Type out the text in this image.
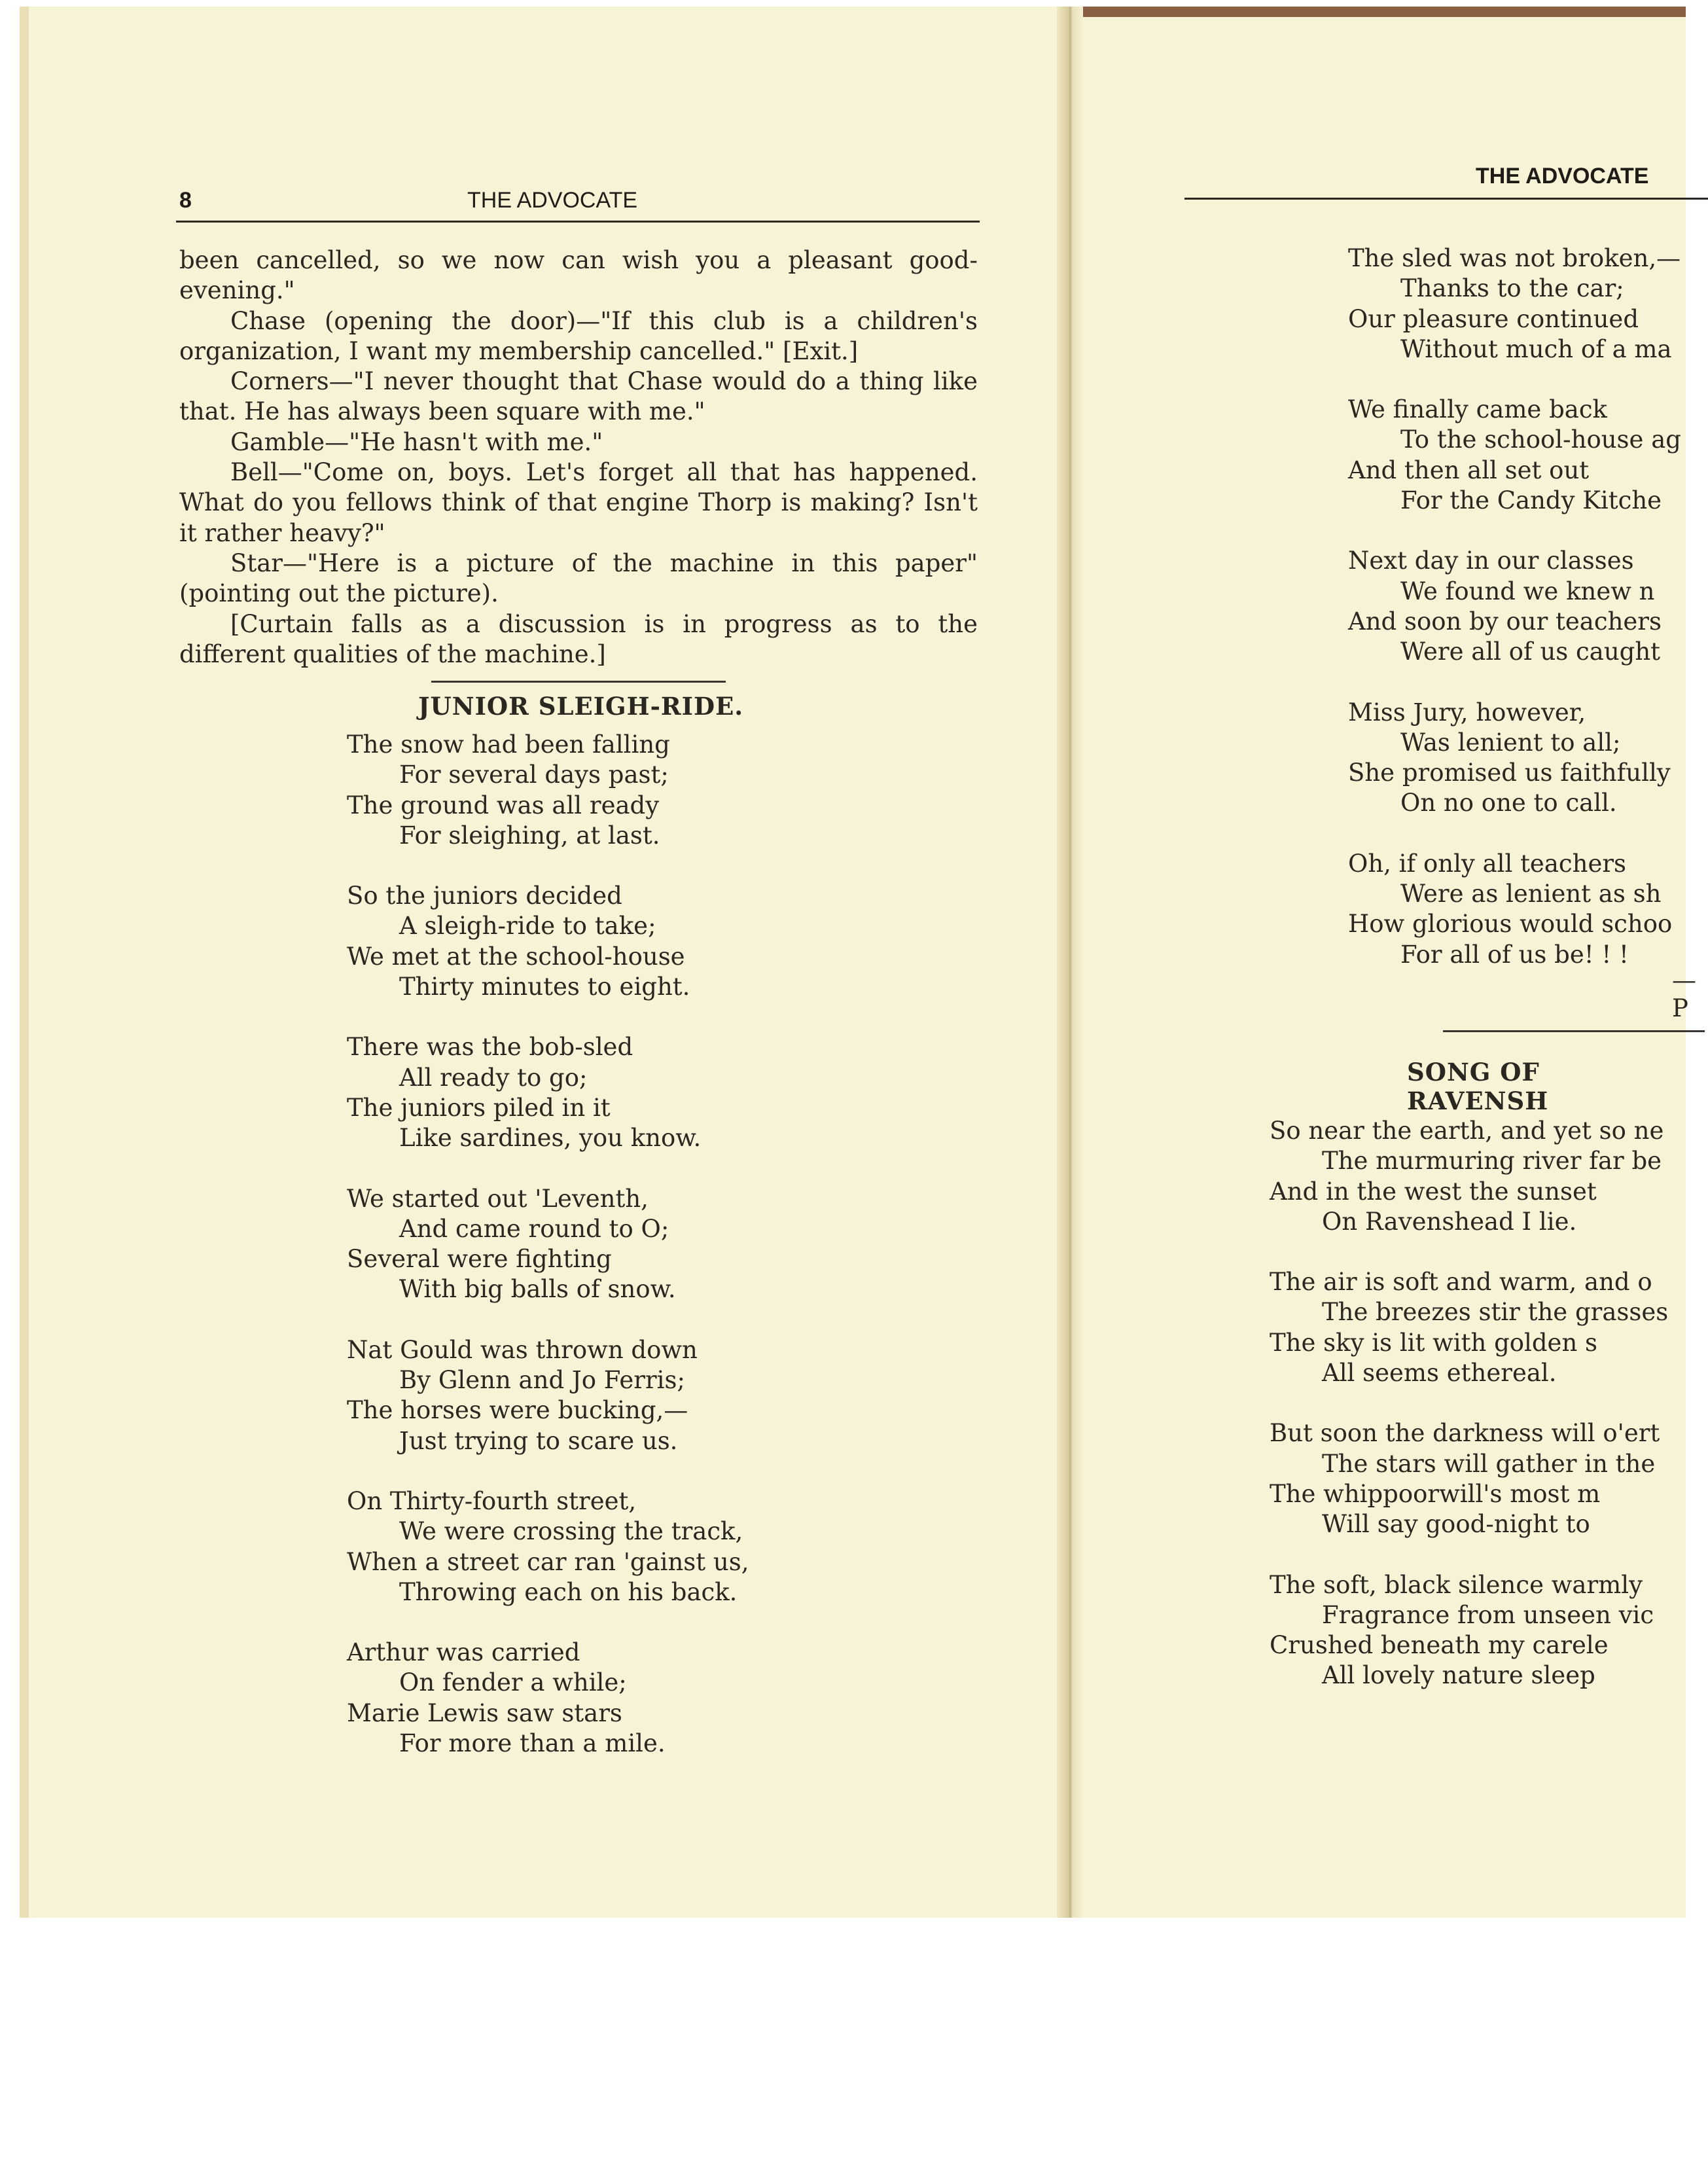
8	THE ADVOCATE

been cancelled, so we now can wish you a pleasant good-evening."

Chase (opening the door)—"If this club is a children's organization, I want my membership cancelled." [Exit.]

Corners—"I never thought that Chase would do a thing like that. He has always been square with me."

Gamble—"He hasn't with me."

Bell—"Come on, boys. Let's forget all that has happened. What do you fellows think of that engine Thorp is making? Isn't it rather heavy?"

Star—"Here is a picture of the machine in this paper" (pointing out the picture).

[Curtain falls as a discussion is in progress as to the different qualities of the machine.]

JUNIOR SLEIGH-RIDE.
The snow had been falling
For several days past;
The ground was all ready
For sleighing, at last.
So the juniors decided
A sleigh-ride to take;
We met at the school-house
Thirty minutes to eight.
There was the bob-sled
All ready to go;
The juniors piled in it
Like sardines, you know.
We started out 'Leventh,
And came round to O;
Several were fighting
With big balls of snow.
Nat Gould was thrown down
By Glenn and Jo Ferris;
The horses were bucking,—
Just trying to scare us.
On Thirty-fourth street,
We were crossing the track,
When a street car ran 'gainst us,
Throwing each on his back.
Arthur was carried
On fender a while;
Marie Lewis saw stars
For more than a mile.
THE ADVOCATE
The sled was not broken,—
Thanks to the car;
Our pleasure continued
Without much of a ma
We finally came back
To the school-house ag
And then all set out
For the Candy Kitche
Next day in our classes
We found we knew n
And soon by our teachers
Were all of us caught
Miss Jury, however,
Was lenient to all;
She promised us faithfully
On no one to call.
Oh, if only all teachers
Were as lenient as sh
How glorious would schoo
For all of us be! ! !
—P
SONG OF RAVENSH
So near the earth, and yet so ne
The murmuring river far be
And in the west the sunset
On Ravenshead I lie.
The air is soft and warm, and o
The breezes stir the grasses
The sky is lit with golden s
All seems ethereal.
But soon the darkness will o'ert
The stars will gather in the
The whippoorwill's most m
Will say good-night to
The soft, black silence warmly
Fragrance from unseen vic
Crushed beneath my carele
All lovely nature sleep
